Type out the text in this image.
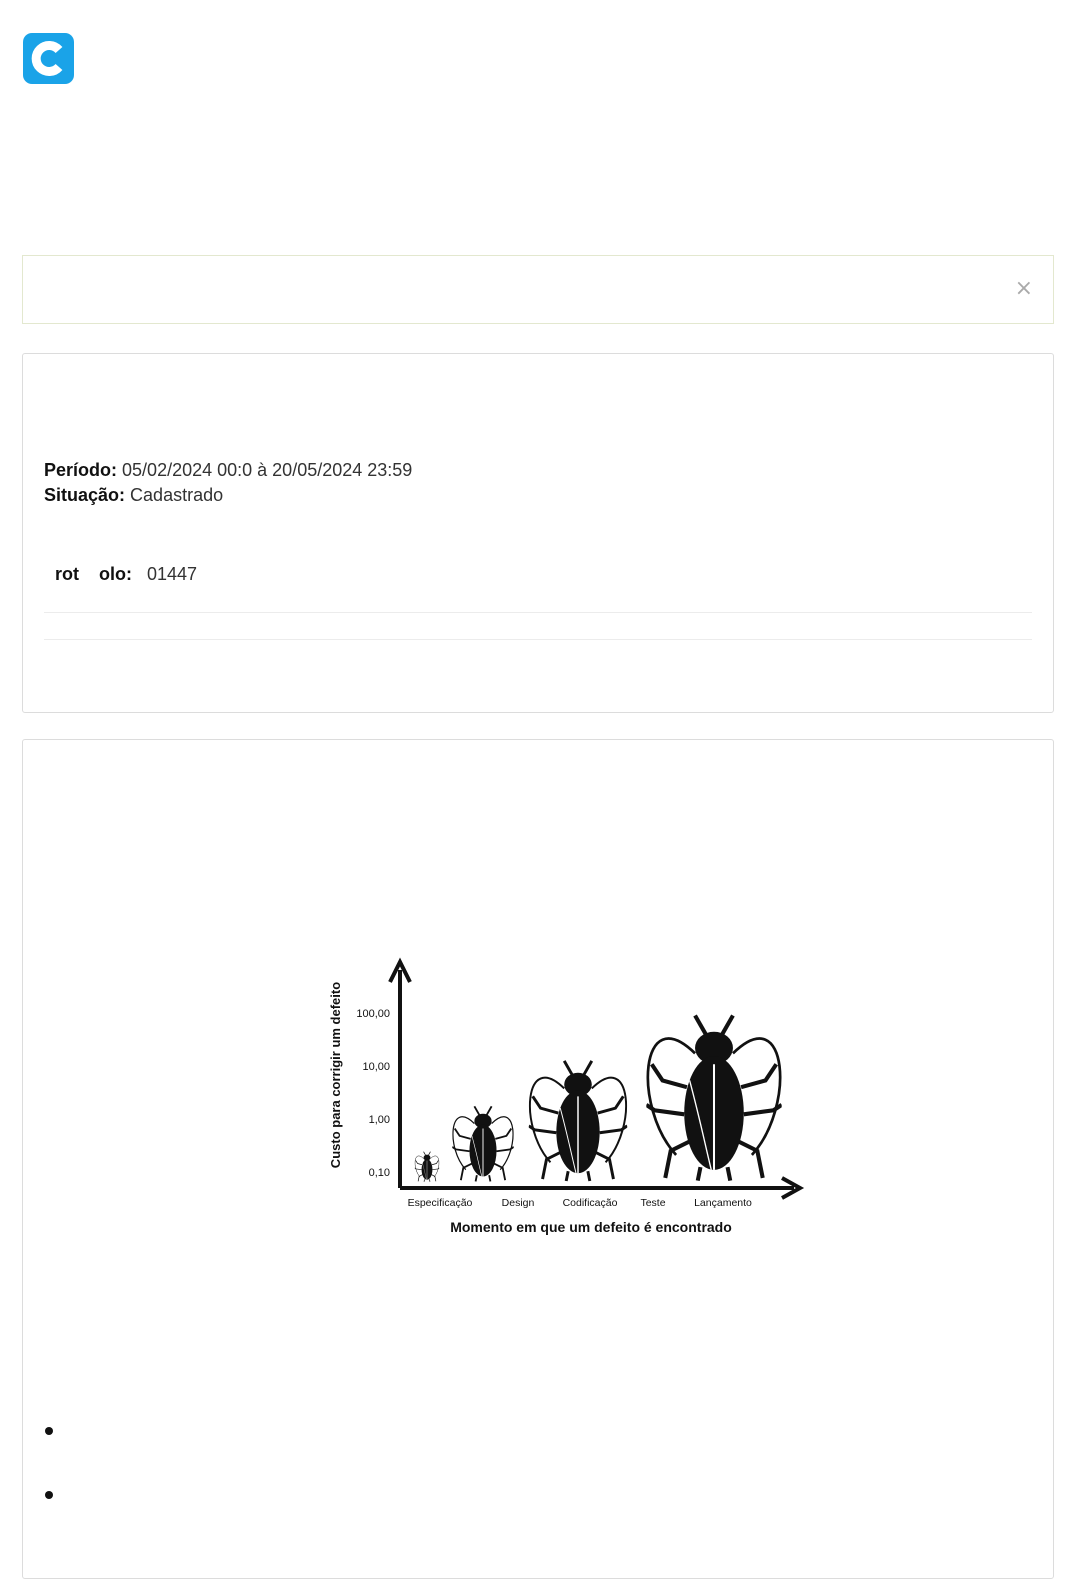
×
Período: 05/02/2024 00:0 à 20/05/2024 23:59
Situação: Cadastrado
rot    olo: 01447
Custo para corrigir um defeito
Momento em que um defeito é encontrado
0,10
1,00
10,00
100,00
Especificação	Design	Codificação Teste	Lançamento
